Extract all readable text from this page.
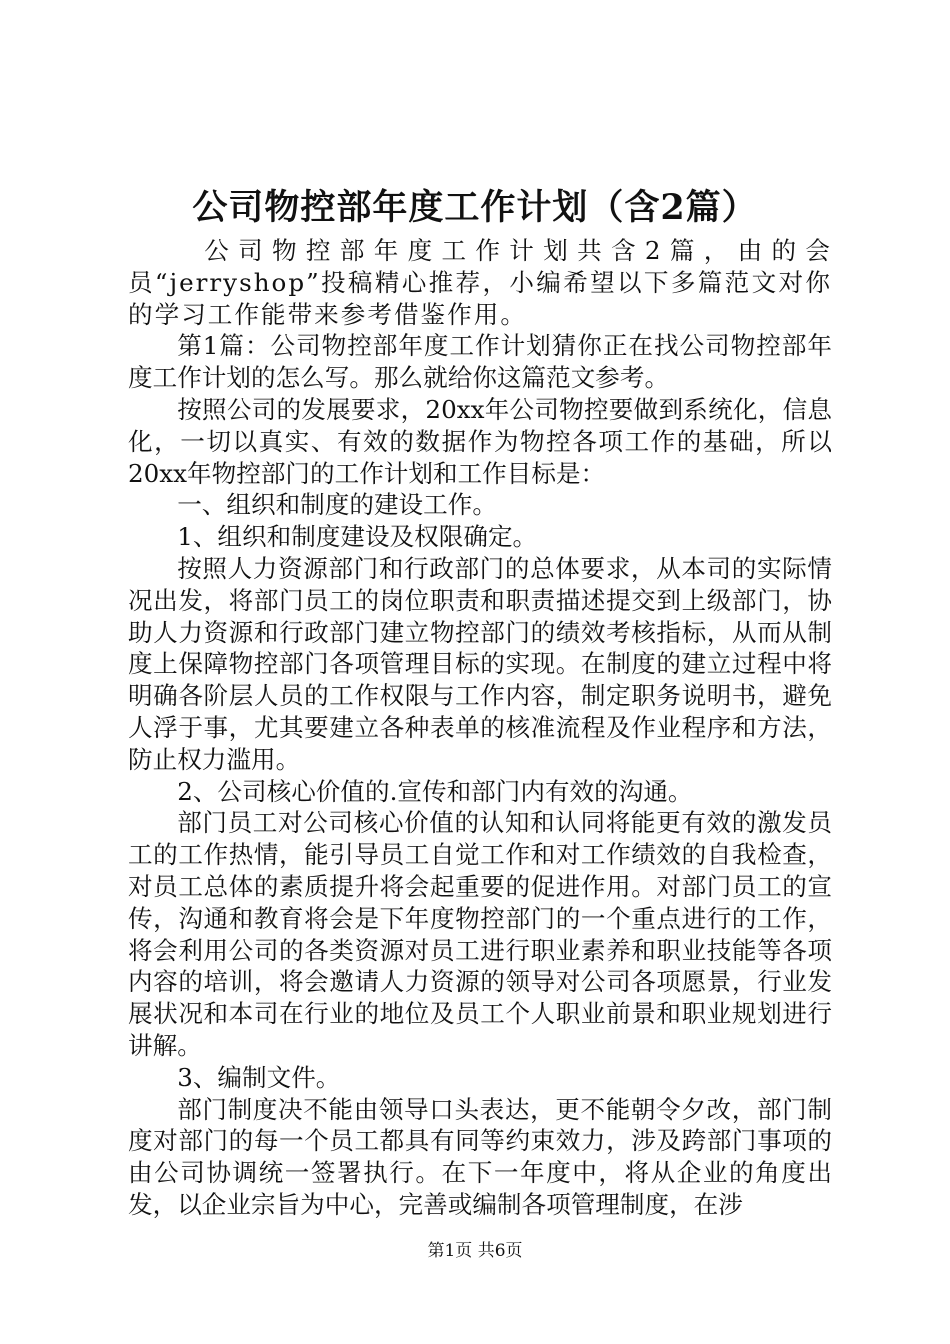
公司物控部年度工作计划（含2篇）

公司物控部年度工作计划共含2篇，由的会员“jerryshop”投稿精心推荐，小编希望以下多篇范文对你的学习工作能带来参考借鉴作用。

第1篇：公司物控部年度工作计划猜你正在找公司物控部年度工作计划的怎么写。那么就给你这篇范文参考。

按照公司的发展要求，20xx年公司物控要做到系统化，信息化，一切以真实、有效的数据作为物控各项工作的基础，所以20xx年物控部门的工作计划和工作目标是：

一、组织和制度的建设工作。

1、组织和制度建设及权限确定。

按照人力资源部门和行政部门的总体要求，从本司的实际情况出发，将部门员工的岗位职责和职责描述提交到上级部门，协助人力资源和行政部门建立物控部门的绩效考核指标，从而从制度上保障物控部门各项管理目标的实现。在制度的建立过程中将明确各阶层人员的工作权限与工作内容，制定职务说明书，避免人浮于事，尤其要建立各种表单的核准流程及作业程序和方法，防止权力滥用。

2、公司核心价值的.宣传和部门内有效的沟通。

部门员工对公司核心价值的认知和认同将能更有效的激发员工的工作热情，能引导员工自觉工作和对工作绩效的自我检查，对员工总体的素质提升将会起重要的促进作用。对部门员工的宣传，沟通和教育将会是下年度物控部门的一个重点进行的工作，将会利用公司的各类资源对员工进行职业素养和职业技能等各项内容的培训，将会邀请人力资源的领导对公司各项愿景，行业发展状况和本司在行业的地位及员工个人职业前景和职业规划进行讲解。

3、编制文件。

部门制度决不能由领导口头表达，更不能朝令夕改，部门制度对部门的每一个员工都具有同等约束效力，涉及跨部门事项的由公司协调统一签署执行。在下一年度中，将从企业的角度出发，以企业宗旨为中心，完善或编制各项管理制度，在涉

第1页 共6页
